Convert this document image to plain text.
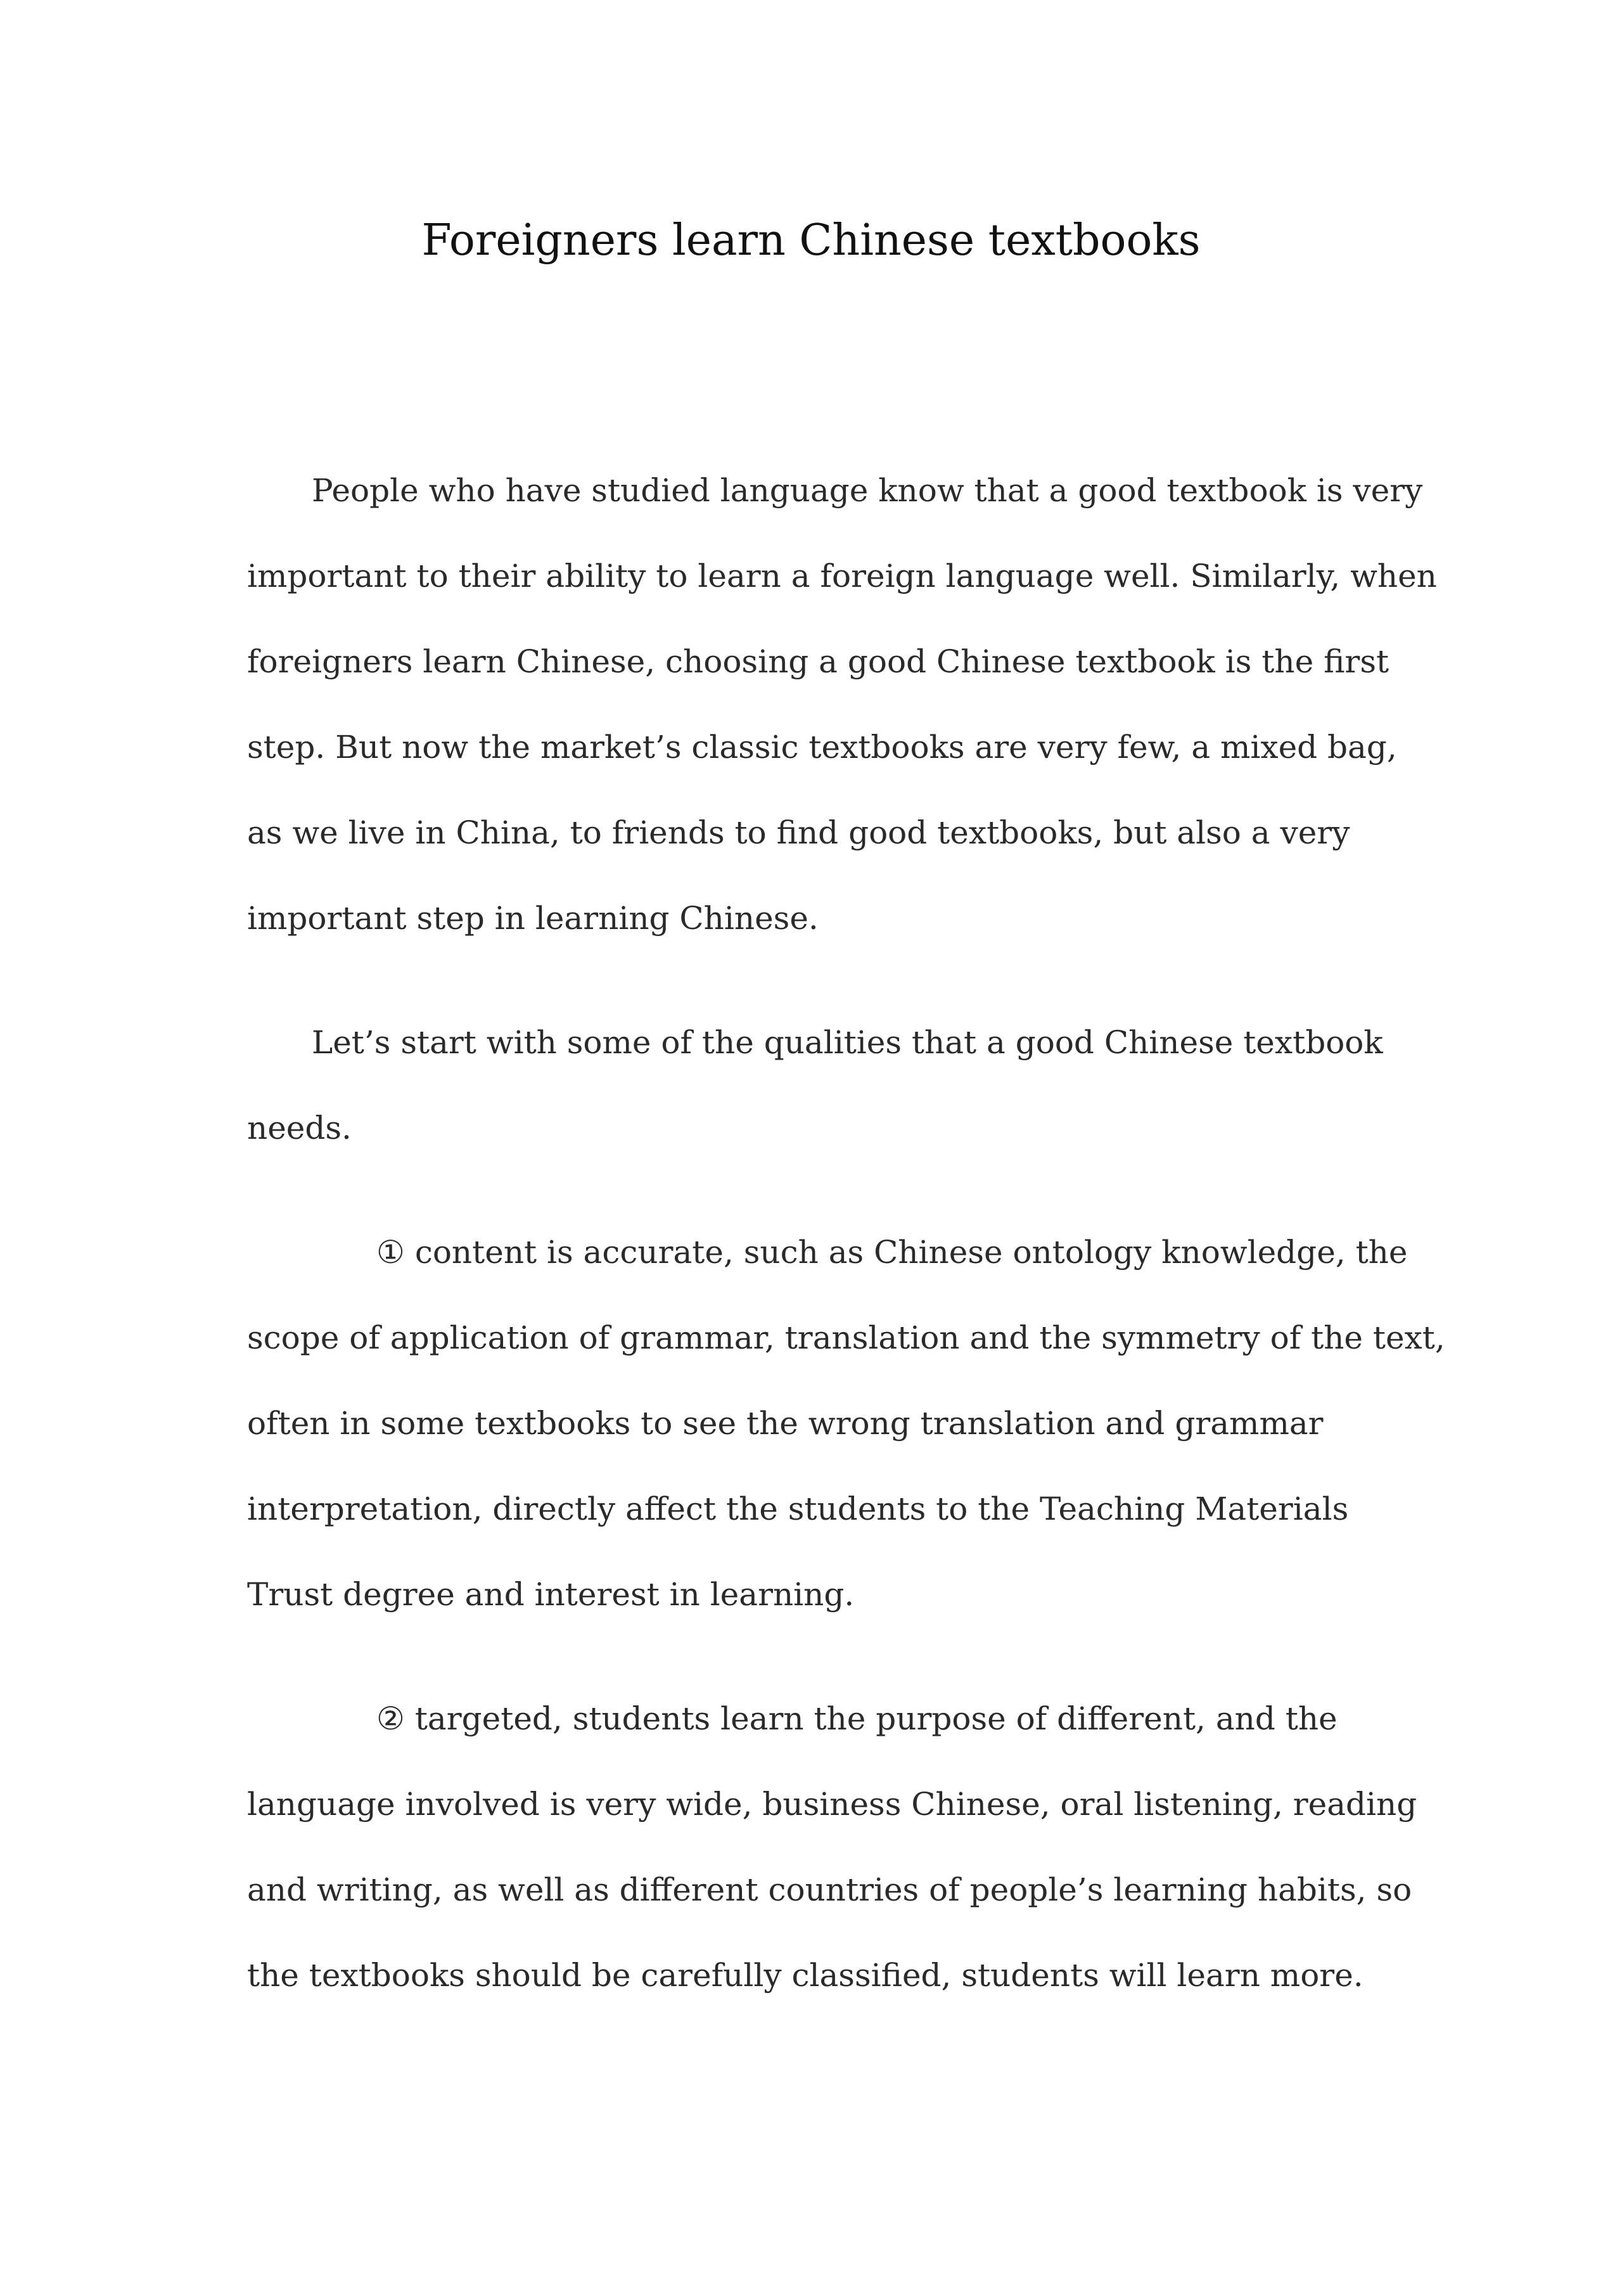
Foreigners learn Chinese textbooks

People who have studied language know that a good textbook is very
important to their ability to learn a foreign language well. Similarly, when
foreigners learn Chinese, choosing a good Chinese textbook is the first
step. But now the market’s classic textbooks are very few, a mixed bag,
as we live in China, to friends to find good textbooks, but also a very
important step in learning Chinese.

Let’s start with some of the qualities that a good Chinese textbook
needs.

① content is accurate, such as Chinese ontology knowledge, the
scope of application of grammar, translation and the symmetry of the text,
often in some textbooks to see the wrong translation and grammar
interpretation, directly affect the students to the Teaching Materials
Trust degree and interest in learning.

② targeted, students learn the purpose of different, and the
language involved is very wide, business Chinese, oral listening, reading
and writing, as well as different countries of people’s learning habits, so
the textbooks should be carefully classified, students will learn more.
